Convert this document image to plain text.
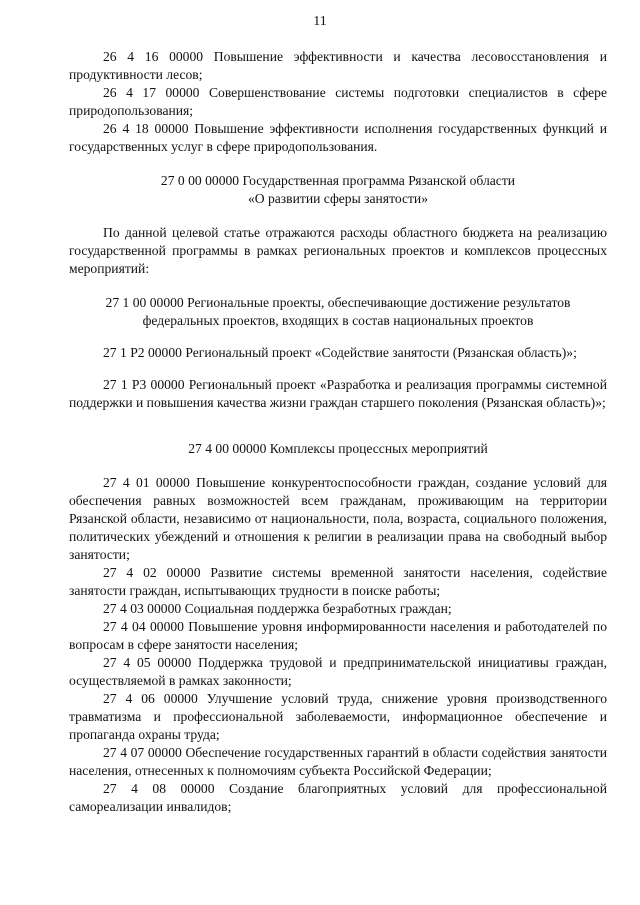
11

26 4 16 00000 Повышение эффективности и качества лесовосстановления и продуктивности лесов;

26 4 17 00000 Совершенствование системы подготовки специалистов в сфере природопользования;

26 4 18 00000 Повышение эффективности исполнения государственных функций и государственных услуг в сфере природопользования.

27 0 00 00000 Государственная программа Рязанской области

«О развитии сферы занятости»

По данной целевой статье отражаются расходы областного бюджета на реализацию государственной программы в рамках региональных проектов и комплексов процессных мероприятий:

27 1 00 00000 Региональные проекты, обеспечивающие достижение результатов

федеральных проектов, входящих в состав национальных проектов

27 1 Р2 00000 Региональный проект «Содействие занятости (Рязанская область)»;

27 1 Р3 00000 Региональный проект «Разработка и реализация программы системной поддержки и повышения качества жизни граждан старшего поколения (Рязанская область)»;

27 4 00 00000 Комплексы процессных мероприятий

27 4 01 00000 Повышение конкурентоспособности граждан, создание условий для обеспечения равных возможностей всем гражданам, проживающим на территории Рязанской области, независимо от национальности, пола, возраста, социального положения, политических убеждений и отношения к религии в реализации права на свободный выбор занятости;

27 4 02 00000 Развитие системы временной занятости населения, содействие занятости граждан, испытывающих трудности в поиске работы;

27 4 03 00000 Социальная поддержка безработных граждан;

27 4 04 00000 Повышение уровня информированности населения и работодателей по вопросам в сфере занятости населения;

27 4 05 00000 Поддержка трудовой и предпринимательской инициативы граждан, осуществляемой в рамках законности;

27 4 06 00000 Улучшение условий труда, снижение уровня производственного травматизма и профессиональной заболеваемости, информационное обеспечение и пропаганда охраны труда;

27 4 07 00000 Обеспечение государственных гарантий в области содействия занятости населения, отнесенных к полномочиям субъекта Российской Федерации;

27 4 08 00000 Создание благоприятных условий для профессиональной самореализации инвалидов;
